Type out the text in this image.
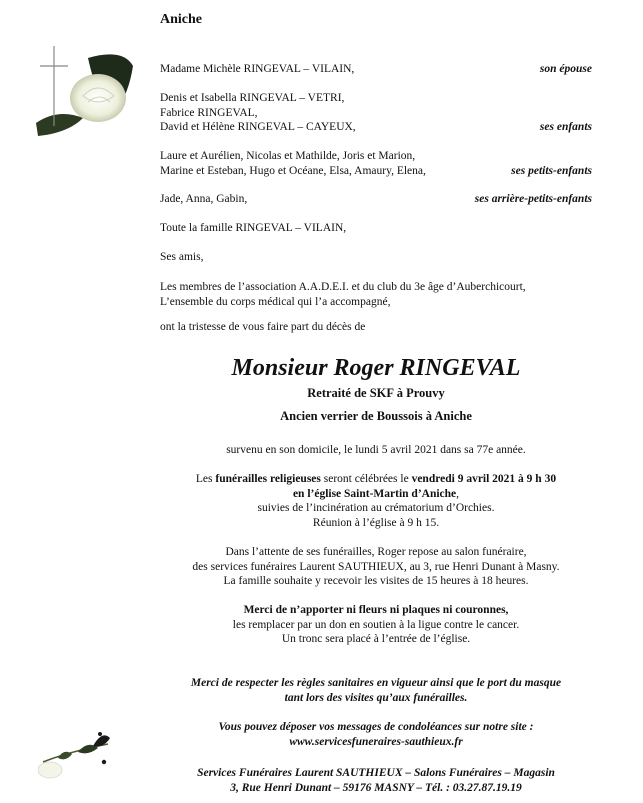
Aniche
Madame Michèle RINGEVAL – VILAIN,	son épouse
Denis et Isabella RINGEVAL – VETRI,
Fabrice RINGEVAL,
David et Hélène RINGEVAL – CAYEUX,	ses enfants
Laure et Aurélien, Nicolas et Mathilde, Joris et Marion,
Marine et Esteban, Hugo et Océane, Elsa, Amaury, Elena,	ses petits-enfants
Jade, Anna, Gabin,	ses arrière-petits-enfants
Toute la famille RINGEVAL – VILAIN,
Ses amis,
Les membres de l’association A.A.D.E.I. et du club du 3e âge d’Auberchicourt,
L’ensemble du corps médical qui l’a accompagné,
ont la tristesse de vous faire part du décès de
Monsieur Roger RINGEVAL
Retraité de SKF à Prouvy
Ancien verrier de Boussois à Aniche
survenu en son domicile, le lundi 5 avril 2021 dans sa 77e année.
Les funérailles religieuses seront célébrées le vendredi 9 avril 2021 à 9 h 30
en l’église Saint-Martin d’Aniche,
suivies de l’incinération au crématorium d’Orchies.
Réunion à l’église à 9 h 15.
Dans l’attente de ses funérailles, Roger repose au salon funéraire,
des services funéraires Laurent SAUTHIEUX, au 3, rue Henri Dunant à Masny.
La famille souhaite y recevoir les visites de 15 heures à 18 heures.
Merci de n’apporter ni fleurs ni plaques ni couronnes,
les remplacer par un don en soutien à la ligue contre le cancer.
Un tronc sera placé à l’entrée de l’église.
Merci de respecter les règles sanitaires en vigueur ainsi que le port du masque
tant lors des visites qu’aux funérailles.
Vous pouvez déposer vos messages de condoléances sur notre site :
www.servicesfuneraires-sauthieux.fr
Services Funéraires Laurent SAUTHIEUX – Salons Funéraires – Magasin
3, Rue Henri Dunant – 59176 MASNY – Tél. : 03.27.87.19.19
